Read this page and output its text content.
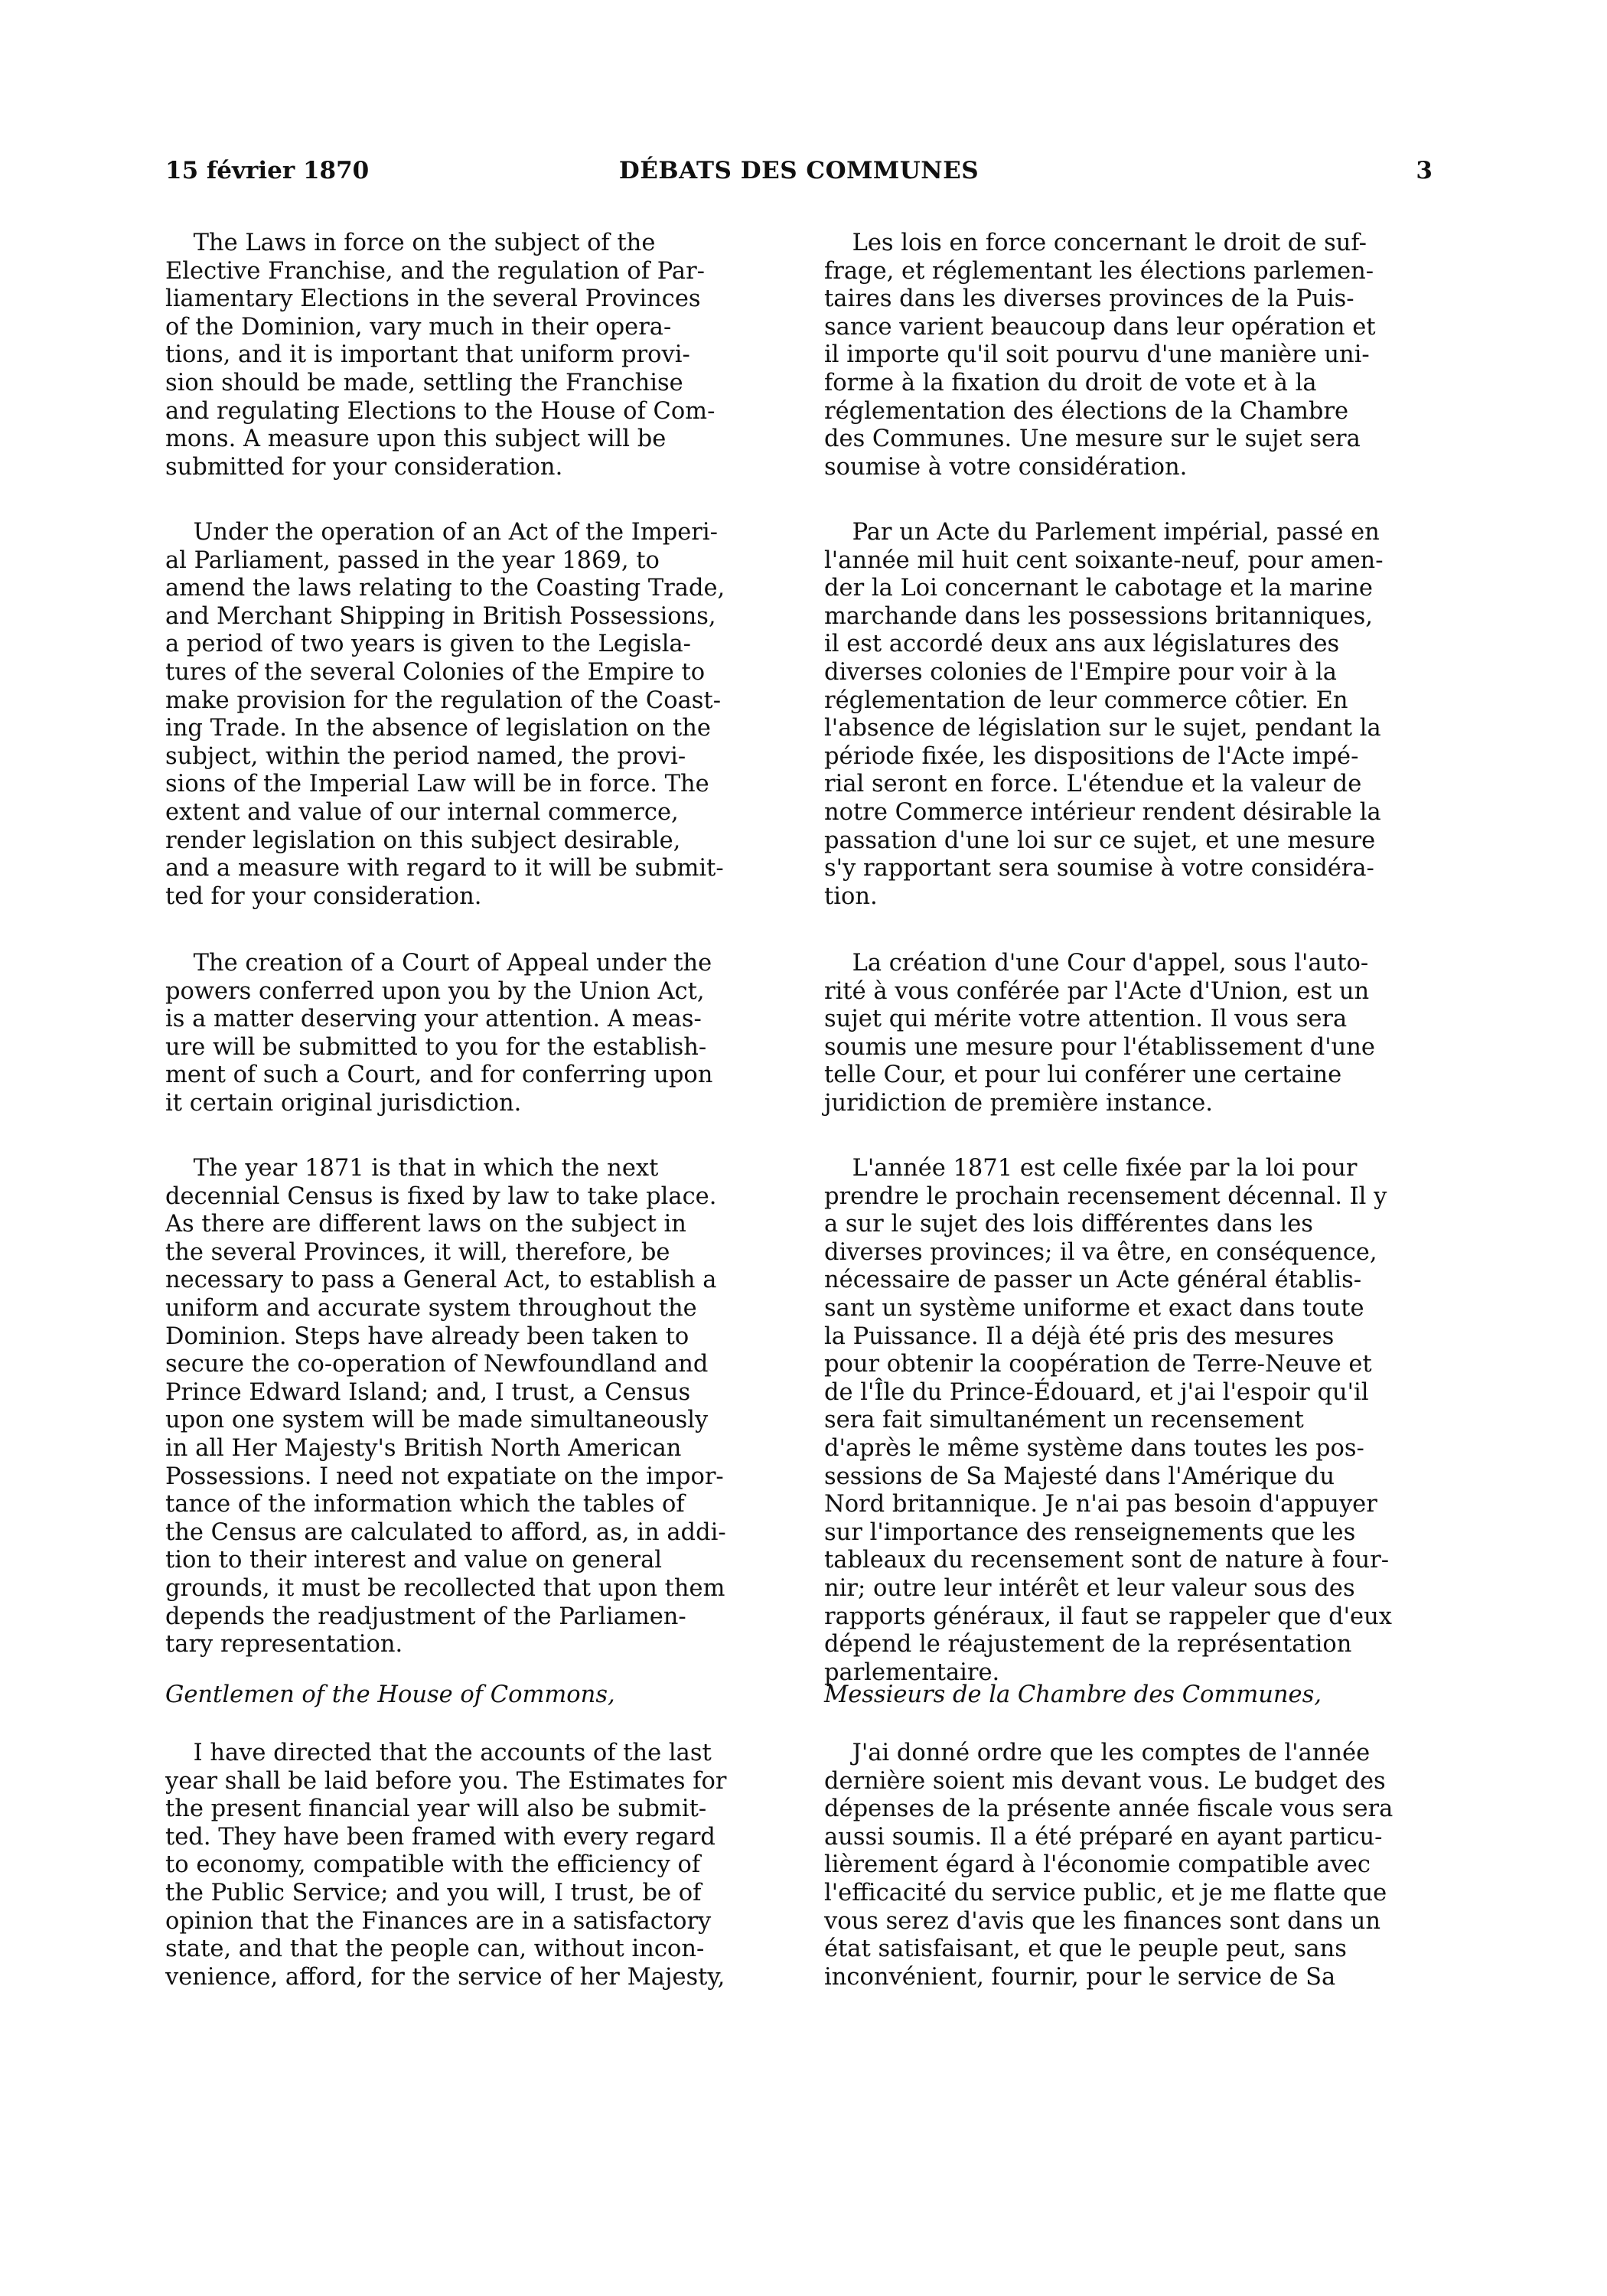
15 février 1870	DÉBATS DES COMMUNES	3

The Laws in force on the subject of the
Elective Franchise, and the regulation of Par-
liamentary Elections in the several Provinces
of the Dominion, vary much in their opera-
tions, and it is important that uniform provi-
sion should be made, settling the Franchise
and regulating Elections to the House of Com-
mons. A measure upon this subject will be
submitted for your consideration.

Under the operation of an Act of the Imperi-
al Parliament, passed in the year 1869, to
amend the laws relating to the Coasting Trade,
and Merchant Shipping in British Possessions,
a period of two years is given to the Legisla-
tures of the several Colonies of the Empire to
make provision for the regulation of the Coast-
ing Trade. In the absence of legislation on the
subject, within the period named, the provi-
sions of the Imperial Law will be in force. The
extent and value of our internal commerce,
render legislation on this subject desirable,
and a measure with regard to it will be submit-
ted for your consideration.

The creation of a Court of Appeal under the
powers conferred upon you by the Union Act,
is a matter deserving your attention. A meas-
ure will be submitted to you for the establish-
ment of such a Court, and for conferring upon
it certain original jurisdiction.

The year 1871 is that in which the next
decennial Census is fixed by law to take place.
As there are different laws on the subject in
the several Provinces, it will, therefore, be
necessary to pass a General Act, to establish a
uniform and accurate system throughout the
Dominion. Steps have already been taken to
secure the co-operation of Newfoundland and
Prince Edward Island; and, I trust, a Census
upon one system will be made simultaneously
in all Her Majesty's British North American
Possessions. I need not expatiate on the impor-
tance of the information which the tables of
the Census are calculated to afford, as, in addi-
tion to their interest and value on general
grounds, it must be recollected that upon them
depends the readjustment of the Parliamen-
tary representation.

Gentlemen of the House of Commons,

I have directed that the accounts of the last
year shall be laid before you. The Estimates for
the present financial year will also be submit-
ted. They have been framed with every regard
to economy, compatible with the efficiency of
the Public Service; and you will, I trust, be of
opinion that the Finances are in a satisfactory
state, and that the people can, without incon-
venience, afford, for the service of her Majesty,

Les lois en force concernant le droit de suf-
frage, et réglementant les élections parlemen-
taires dans les diverses provinces de la Puis-
sance varient beaucoup dans leur opération et
il importe qu'il soit pourvu d'une manière uni-
forme à la fixation du droit de vote et à la
réglementation des élections de la Chambre
des Communes. Une mesure sur le sujet sera
soumise à votre considération.

Par un Acte du Parlement impérial, passé en
l'année mil huit cent soixante-neuf, pour amen-
der la Loi concernant le cabotage et la marine
marchande dans les possessions britanniques,
il est accordé deux ans aux législatures des
diverses colonies de l'Empire pour voir à la
réglementation de leur commerce côtier. En
l'absence de législation sur le sujet, pendant la
période fixée, les dispositions de l'Acte impé-
rial seront en force. L'étendue et la valeur de
notre Commerce intérieur rendent désirable la
passation d'une loi sur ce sujet, et une mesure
s'y rapportant sera soumise à votre considéra-
tion.

La création d'une Cour d'appel, sous l'auto-
rité à vous conférée par l'Acte d'Union, est un
sujet qui mérite votre attention. Il vous sera
soumis une mesure pour l'établissement d'une
telle Cour, et pour lui conférer une certaine
juridiction de première instance.

L'année 1871 est celle fixée par la loi pour
prendre le prochain recensement décennal. Il y
a sur le sujet des lois différentes dans les
diverses provinces; il va être, en conséquence,
nécessaire de passer un Acte général établis-
sant un système uniforme et exact dans toute
la Puissance. Il a déjà été pris des mesures
pour obtenir la coopération de Terre-Neuve et
de l'Île du Prince-Édouard, et j'ai l'espoir qu'il
sera fait simultanément un recensement
d'après le même système dans toutes les pos-
sessions de Sa Majesté dans l'Amérique du
Nord britannique. Je n'ai pas besoin d'appuyer
sur l'importance des renseignements que les
tableaux du recensement sont de nature à four-
nir; outre leur intérêt et leur valeur sous des
rapports généraux, il faut se rappeler que d'eux
dépend le réajustement de la représentation
parlementaire.

Messieurs de la Chambre des Communes,

J'ai donné ordre que les comptes de l'année
dernière soient mis devant vous. Le budget des
dépenses de la présente année fiscale vous sera
aussi soumis. Il a été préparé en ayant particu-
lièrement égard à l'économie compatible avec
l'efficacité du service public, et je me flatte que
vous serez d'avis que les finances sont dans un
état satisfaisant, et que le peuple peut, sans
inconvénient, fournir, pour le service de Sa
